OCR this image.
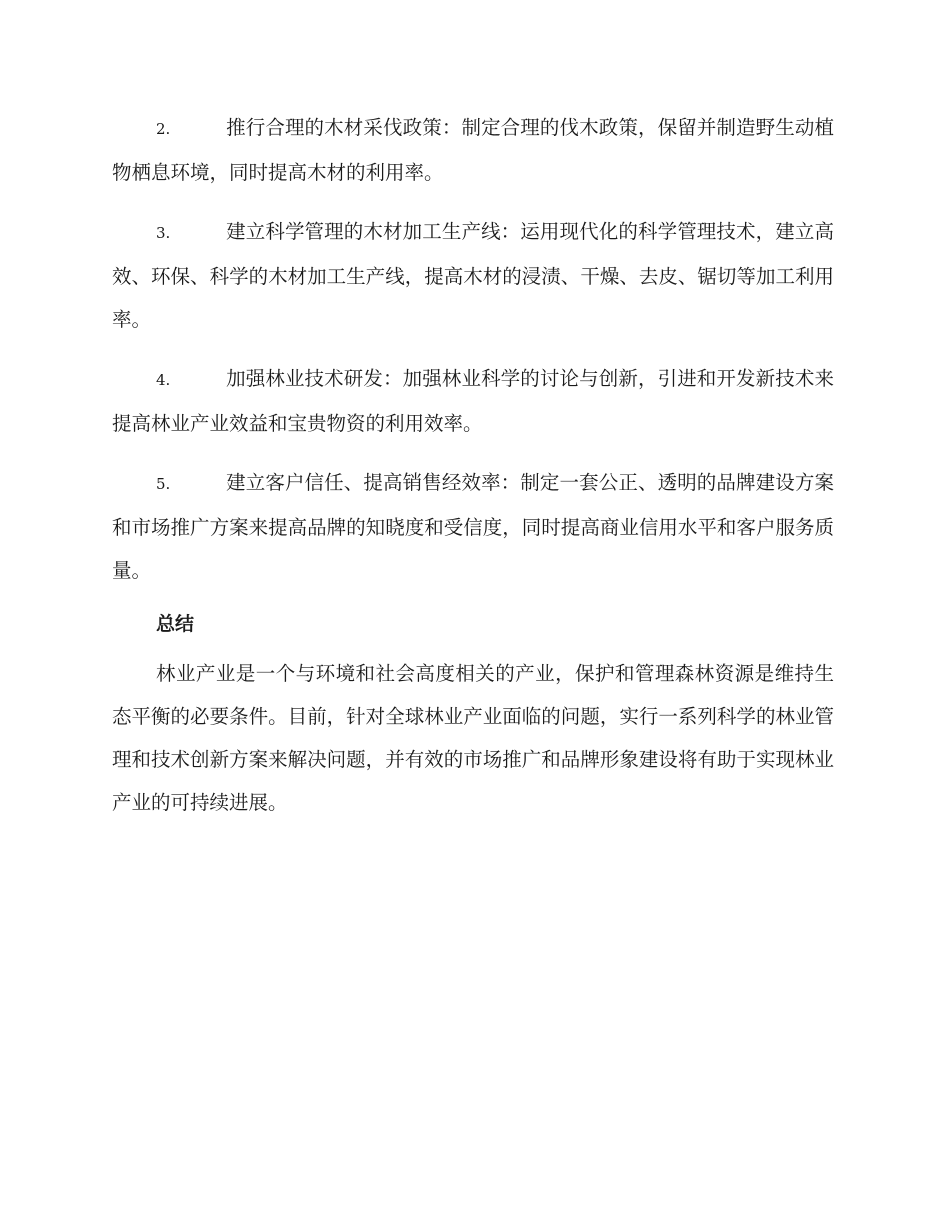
2.	推行合理的木材采伐政策：制定合理的伐木政策，保留并制造野生动植物栖息环境，同时提高木材的利用率。

3.	建立科学管理的木材加工生产线：运用现代化的科学管理技术，建立高效、环保、科学的木材加工生产线，提高木材的浸渍、干燥、去皮、锯切等加工利用率。

4.	加强林业技术研发：加强林业科学的讨论与创新，引进和开发新技术来提高林业产业效益和宝贵物资的利用效率。

5.	建立客户信任、提高销售经效率：制定一套公正、透明的品牌建设方案和市场推广方案来提高品牌的知晓度和受信度，同时提高商业信用水平和客户服务质量。

总结

林业产业是一个与环境和社会高度相关的产业，保护和管理森林资源是维持生态平衡的必要条件。目前，针对全球林业产业面临的问题，实行一系列科学的林业管理和技术创新方案来解决问题，并有效的市场推广和品牌形象建设将有助于实现林业产业的可持续进展。
